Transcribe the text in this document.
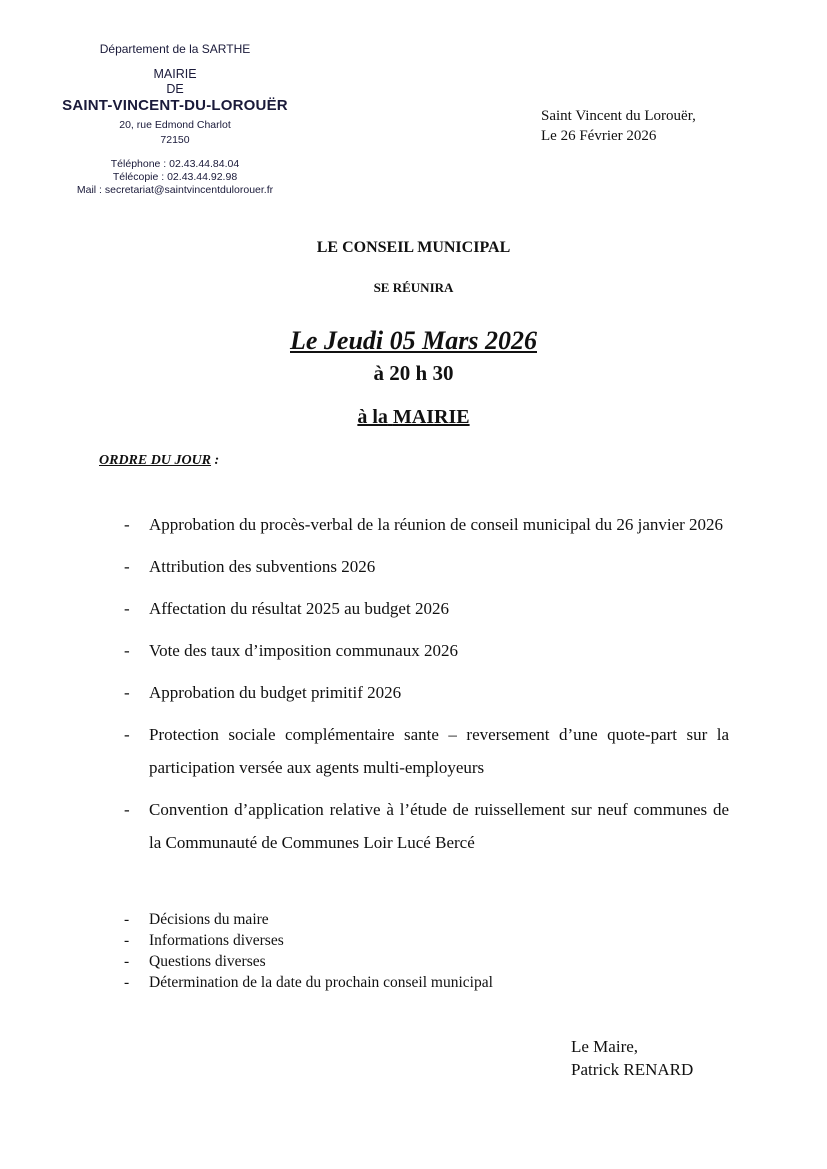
Département de la SARTHE
MAIRIE
DE
SAINT-VINCENT-DU-LOROUËR
20, rue Edmond Charlot
72150
Téléphone : 02.43.44.84.04
Télécopie : 02.43.44.92.98
Mail : secretariat@saintvincentdulorouer.fr
Saint Vincent du Lorouër,
Le 26 Février 2026
LE CONSEIL MUNICIPAL
SE RÉUNIRA
Le Jeudi 05 Mars 2026
à 20 h 30
à la MAIRIE
ORDRE DU JOUR :
- Approbation du procès-verbal de la réunion de conseil municipal du 26 janvier 2026
- Attribution des subventions 2026
- Affectation du résultat 2025 au budget 2026
- Vote des taux d’imposition communaux 2026
- Approbation du budget primitif 2026
- Protection sociale complémentaire sante – reversement d’une quote-part sur la participation versée aux agents multi-employeurs
- Convention d’application relative à l’étude de ruissellement sur neuf communes de la Communauté de Communes Loir Lucé Bercé
- Décisions du maire
- Informations diverses
- Questions diverses
- Détermination de la date du prochain conseil municipal
Le Maire,
Patrick RENARD
